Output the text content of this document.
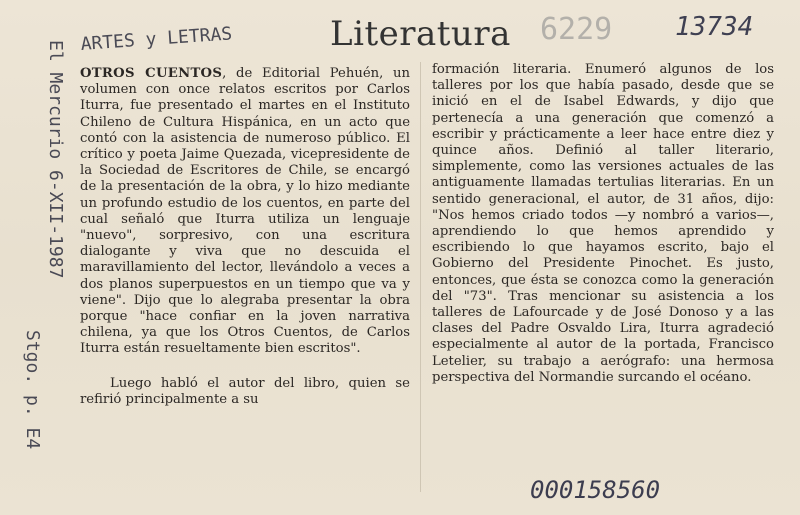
Literatura
ARTES y LETRAS
El Mercurio 6-XII-1987
Stgo. p. E4
6229 13734

OTROS CUENTOS, de Editorial Pehuén, un volumen con once relatos escritos por Carlos Iturra, fue presentado el martes en el Instituto Chileno de Cultura Hispánica, en un acto que contó con la asistencia de numeroso público. El crítico y poeta Jaime Quezada, vicepresidente de la Sociedad de Escritores de Chile, se encargó de la presentación de la obra, y lo hizo mediante un profundo estudio de los cuentos, en parte del cual señaló que Iturra utiliza un lenguaje "nuevo", sorpresivo, con una escritura dialogante y viva que no descuida el maravillamiento del lector, llevándolo a veces a dos planos superpuestos en un tiempo que va y viene". Dijo que lo alegraba presentar la obra porque "hace confiar en la joven narrativa chilena, ya que los Otros Cuentos, de Carlos Iturra están resueltamente bien escritos".

Luego habló el autor del libro, quien se refirió principalmente a su

formación literaria. Enumeró algunos de los talleres por los que había pasado, desde que se inició en el de Isabel Edwards, y dijo que pertenecía a una generación que comenzó a escribir y prácticamente a leer hace entre diez y quince años. Definió al taller literario, simplemente, como las versiones actuales de las antiguamente llamadas tertulias literarias. En un sentido generacional, el autor, de 31 años, dijo: "Nos hemos criado todos —y nombró a varios—, aprendiendo lo que hemos aprendido y escribiendo lo que hayamos escrito, bajo el Gobierno del Presidente Pinochet. Es justo, entonces, que ésta se conozca como la generación del "73". Tras mencionar su asistencia a los talleres de Lafourcade y de José Donoso y a las clases del Padre Osvaldo Lira, Iturra agradeció especialmente al autor de la portada, Francisco Letelier, su trabajo a aerógrafo: una hermosa perspectiva del Normandie surcando el océano.

000158560
